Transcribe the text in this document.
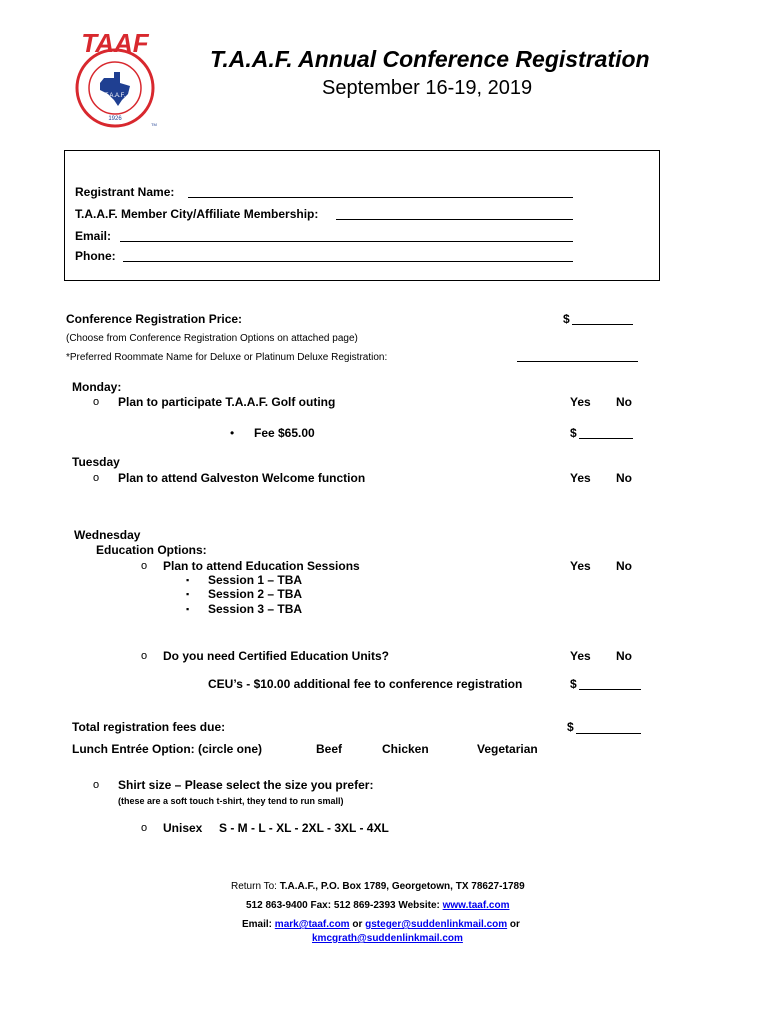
TAAF
T.A.A.F.
1926
TM
T.A.A.F. Annual Conference Registration
September 16-19, 2019
Registrant Name:
T.A.A.F. Member City/Affiliate Membership:
Email:
Phone:
Conference Registration Price:	$
(Choose from Conference Registration Options on attached page)
*Preferred Roommate Name for Deluxe or Platinum Deluxe Registration:
Monday:
o Plan to participate T.A.A.F. Golf outing	Yes No
• Fee $65.00	$
Tuesday
o Plan to attend Galveston Welcome function	Yes No
Wednesday
Education Options:
o Plan to attend Education Sessions	Yes No
▪ Session 1 – TBA
▪ Session 2 – TBA
▪ Session 3 – TBA
o Do you need Certified Education Units?	Yes No
CEU’s - $10.00 additional fee to conference registration	$
Total registration fees due:	$
Lunch Entrée Option: (circle one)	Beef	Chicken	Vegetarian
o Shirt size – Please select the size you prefer:
(these are a soft touch t-shirt, they tend to run small)
o Unisex S - M - L - XL - 2XL - 3XL - 4XL
Return To: T.A.A.F., P.O. Box 1789, Georgetown, TX 78627-1789
512 863-9400 Fax: 512 869-2393 Website: www.taaf.com
Email: mark@taaf.com or gsteger@suddenlinkmail.com or
kmcgrath@suddenlinkmail.com
